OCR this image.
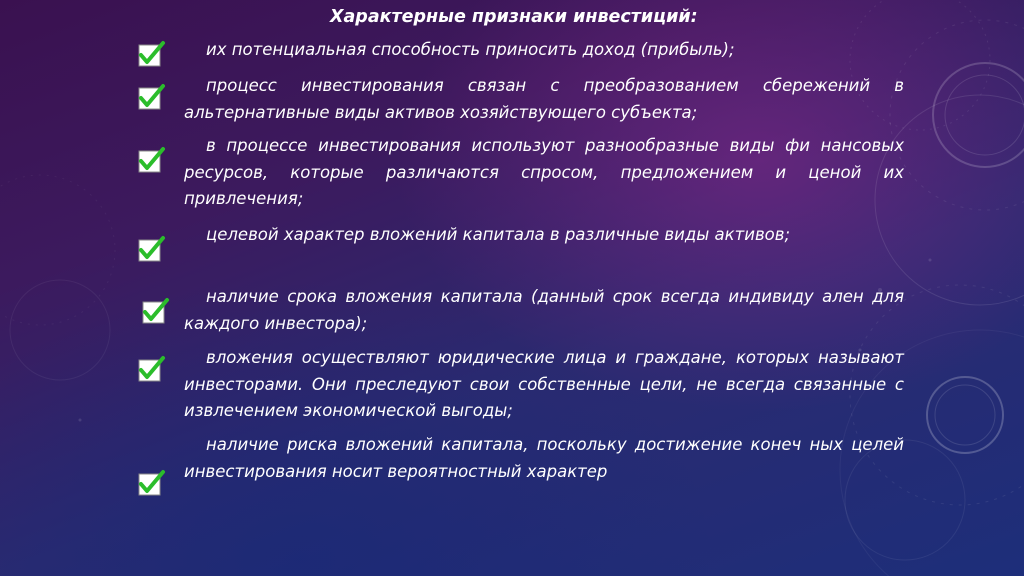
Характерные признаки инвестиций:
их потенциальная способность приносить доход (прибыль);
процесс инвестирования связан с преобразованием сбережений в альтернативные виды активов хозяйствующего субъекта;
в процессе инвестирования используют разнообразные виды фи нансовых ресурсов, которые различаются спросом, предложением и ценой их привлечения;
целевой характер вложений капитала в различные виды активов;
наличие срока вложения капитала (данный срок всегда индивиду ален для каждого инвестора);
вложения осуществляют юридические лица и граждане, которых называют инвесторами. Они преследуют свои собственные цели, не всегда связанные с извлечением экономической выгоды;
наличие риска вложений капитала, поскольку достижение конеч ных целей инвестирования носит вероятностный характер
